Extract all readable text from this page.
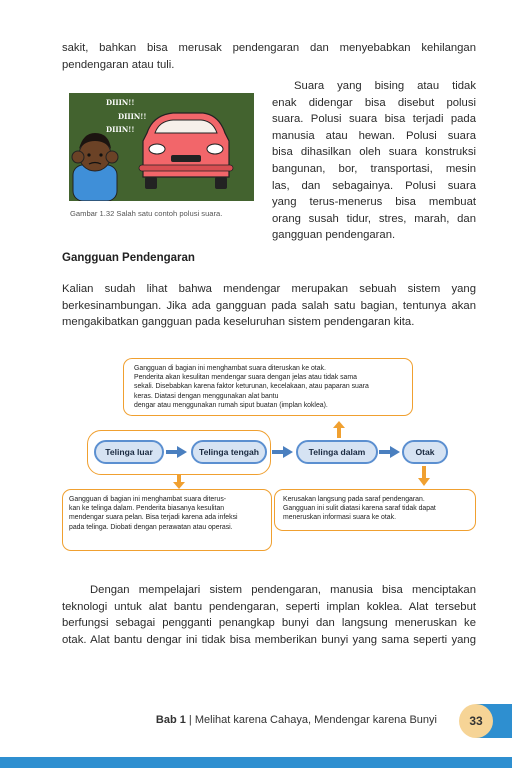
sakit, bahkan bisa merusak pendengaran dan menyebabkan kehilangan
pendengaran atau tuli.

DIIIN!!
DIIIN!!
DIIIN!!

Gambar 1.32 Salah satu contoh polusi suara.

Suara yang bising atau tidak
enak didengar bisa disebut polusi
suara. Polusi suara bisa terjadi pada
manusia atau hewan. Polusi suara
bisa dihasilkan oleh suara konstruksi
bangunan, bor, transportasi, mesin
las, dan sebagainya. Polusi suara
yang terus-menerus bisa membuat
orang susah tidur, stres, marah, dan
gangguan pendengaran.

Gangguan Pendengaran

Kalian sudah lihat bahwa mendengar merupakan sebuah sistem yang
berkesinambungan. Jika ada gangguan pada salah satu bagian, tentunya akan
mengakibatkan gangguan pada keseluruhan sistem pendengaran kita.

Gangguan di bagian ini menghambat suara diteruskan ke otak.
Penderita akan kesulitan mendengar suara dengan jelas atau tidak sama
sekali. Disebabkan karena faktor keturunan, kecelakaan, atau paparan suara
keras. Diatasi dengan menggunakan alat bantu
dengar atau menggunakan rumah siput buatan (implan koklea).
Telinga luar	Telinga tengah	Telinga dalam	Otak
Gangguan di bagian ini menghambat suara diterus-
kan ke telinga dalam. Penderita biasanya kesulitan
mendengar suara pelan. Bisa terjadi karena ada infeksi
pada telinga. Diobati dengan perawatan atau operasi.
Kerusakan langsung pada saraf pendengaran.
Gangguan ini sulit diatasi karena saraf tidak dapat
meneruskan informasi suara ke otak.

Dengan mempelajari sistem pendengaran, manusia bisa menciptakan
teknologi untuk alat bantu pendengaran, seperti implan koklea. Alat tersebut
berfungsi sebagai pengganti penangkap bunyi dan langsung meneruskan ke
otak. Alat bantu dengar ini tidak bisa memberikan bunyi yang sama seperti yang

Bab 1 | Melihat karena Cahaya, Mendengar karena Bunyi	33
